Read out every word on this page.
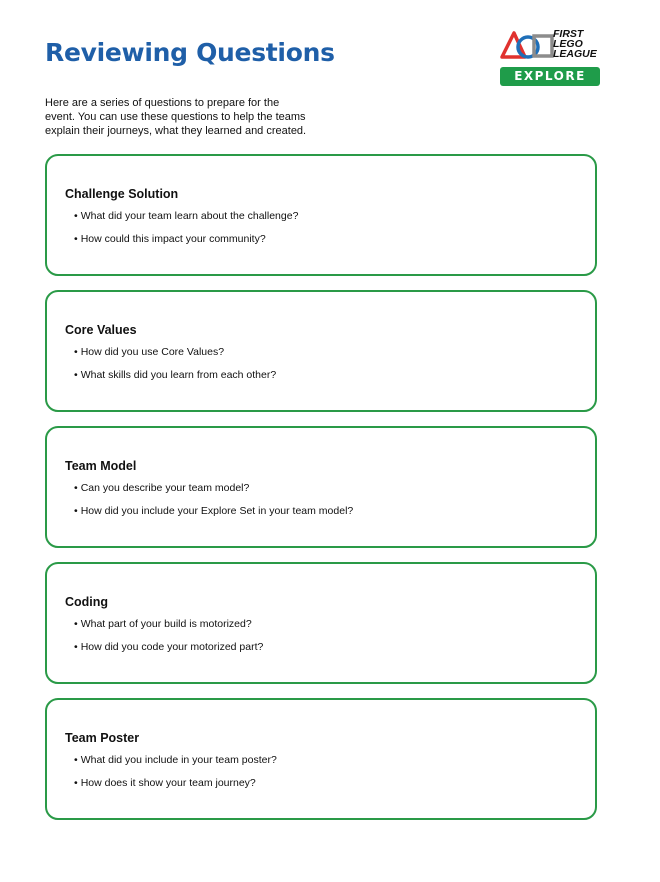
Reviewing Questions

Here are a series of questions to prepare for the
event. You can use these questions to help the teams
explain their journeys, what they learned and created.

FIRST
LEGO
LEAGUE
EXPLORE
Challenge Solution
• What did your team learn about the challenge?
• How could this impact your community?
Core Values
• How did you use Core Values?
• What skills did you learn from each other?
Team Model
• Can you describe your team model?
• How did you include your Explore Set in your team model?
Coding
• What part of your build is motorized?
• How did you code your motorized part?
Team Poster
• What did you include in your team poster?
• How does it show your team journey?
